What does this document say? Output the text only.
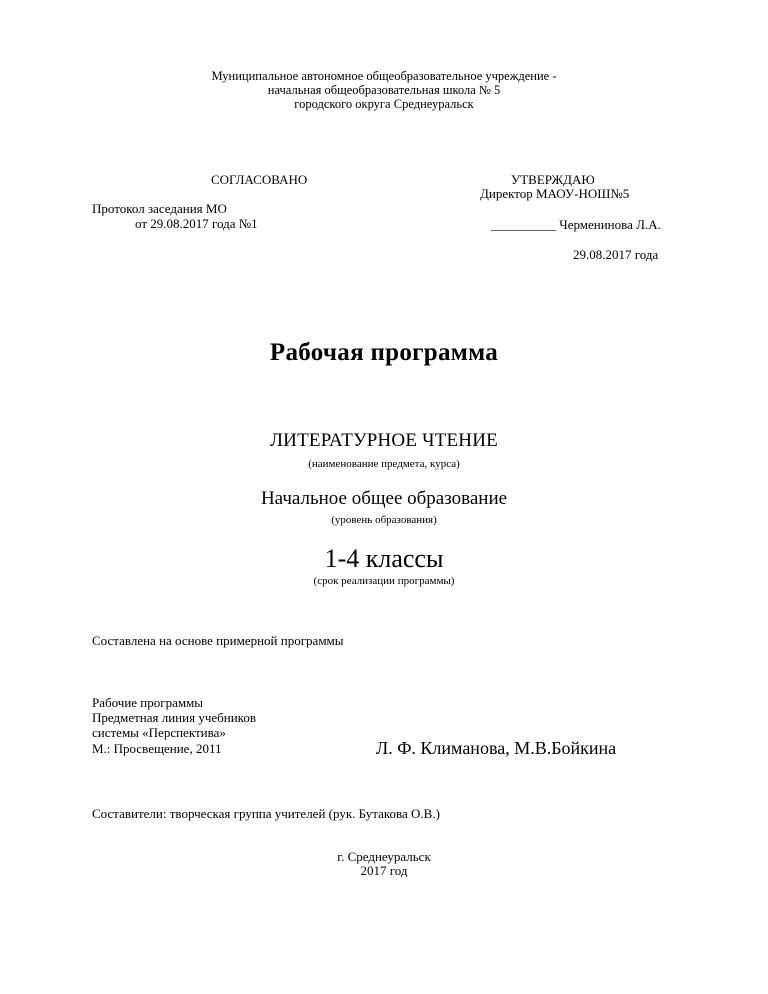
Муниципальное автономное общеобразовательное учреждение -
начальная общеобразовательная школа № 5
городского округа Среднеуральск
СОГЛАСОВАНО
Протокол заседания МО
от 29.08.2017 года №1
УТВЕРЖДАЮ
Директор МАОУ-НОШ№5
__________ Черменинова Л.А.
29.08.2017 года
Рабочая программа
ЛИТЕРАТУРНОЕ ЧТЕНИЕ
(наименование предмета, курса)
Начальное общее образование
(уровень образования)
1-4 классы
(срок реализации программы)
Составлена на основе примерной программы
Рабочие программы
Предметная линия учебников
системы «Перспектива»
М.: Просвещение, 2011	Л. Ф. Климанова, М.В.Бойкина
Составители: творческая группа учителей (рук. Бутакова О.В.)
г. Среднеуральск
2017 год
